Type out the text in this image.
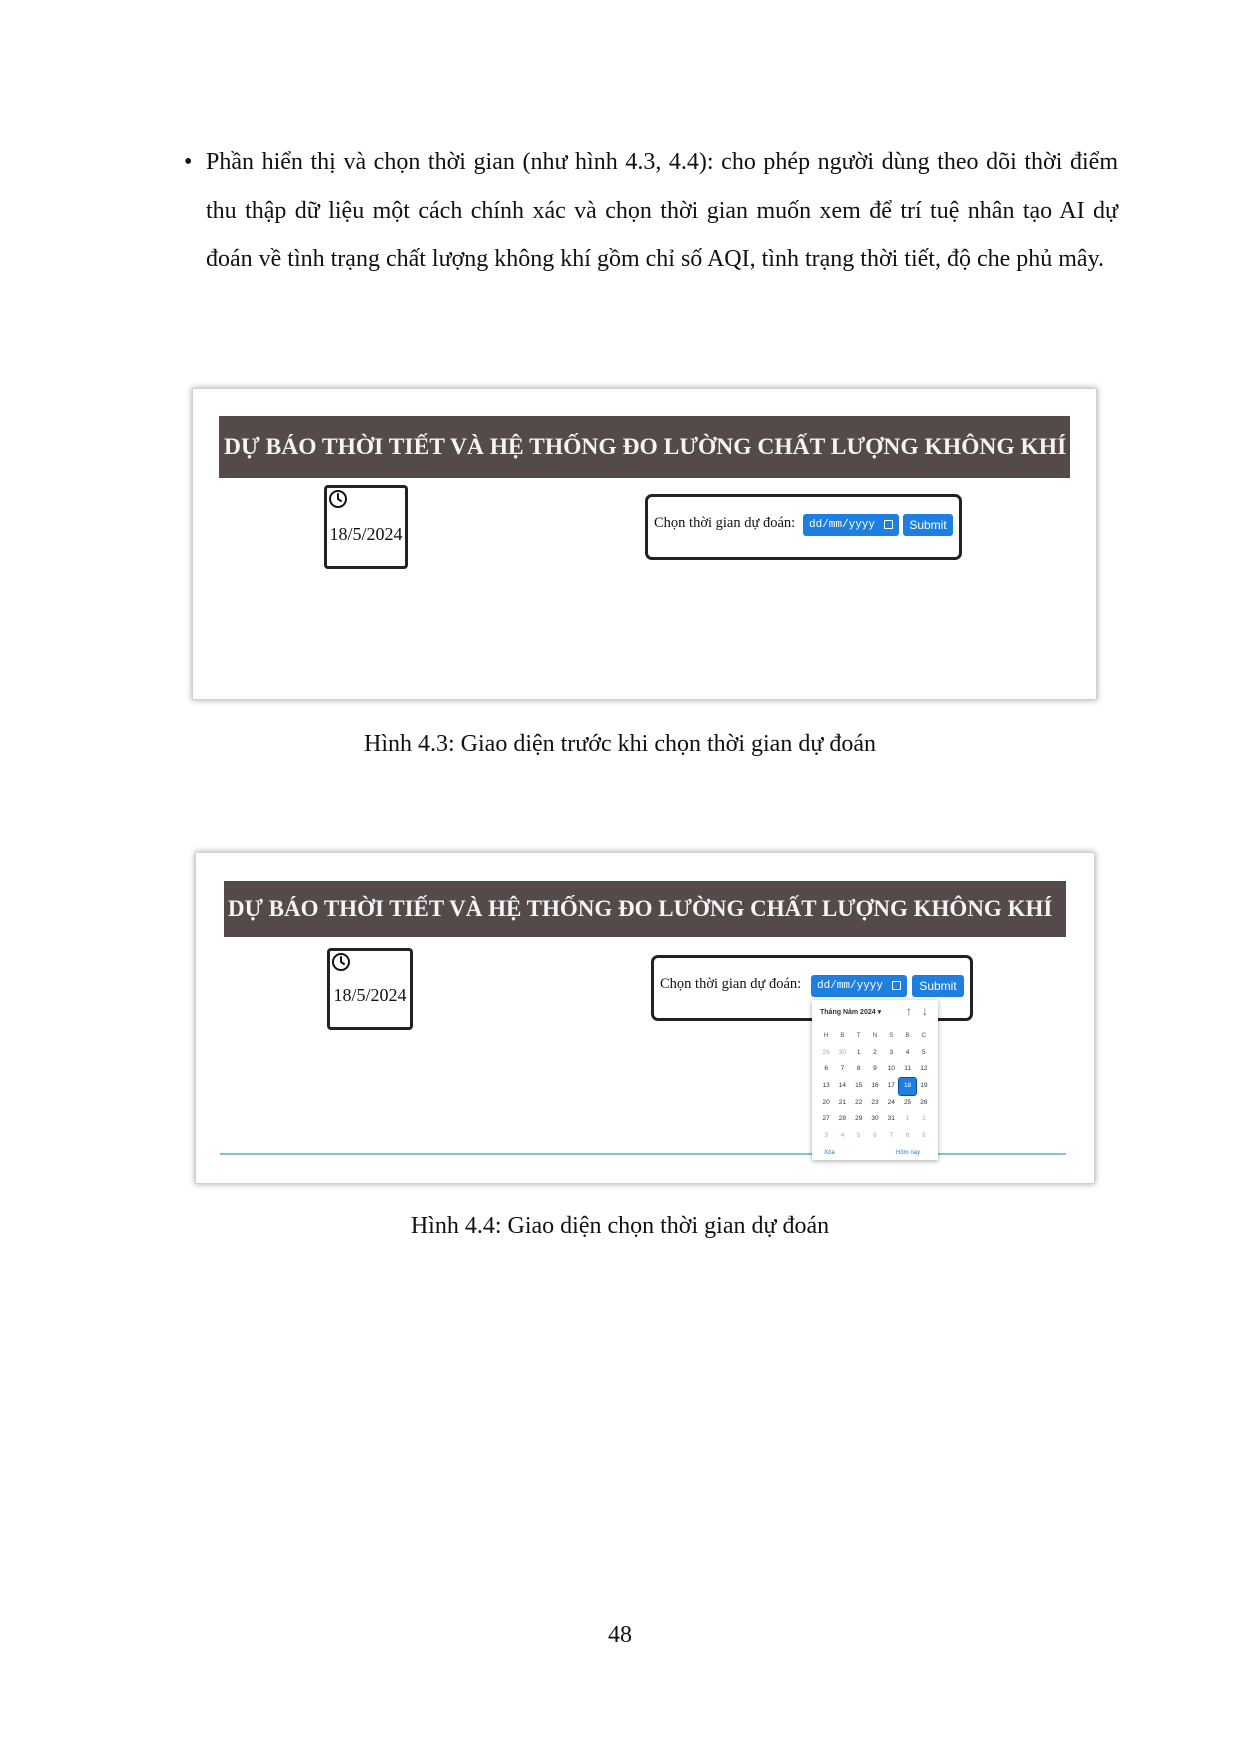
• Phần hiển thị và chọn thời gian (như hình 4.3, 4.4): cho phép người dùng theo dõi thời điểm thu thập dữ liệu một cách chính xác và chọn thời gian muốn xem để trí tuệ nhân tạo AI dự đoán về tình trạng chất lượng không khí gồm chỉ số AQI, tình trạng thời tiết, độ che phủ mây.
DỰ BÁO THỜI TIẾT VÀ HỆ THỐNG ĐO LƯỜNG CHẤT LƯỢNG KHÔNG KHÍ
18/5/2024
Chọn thời gian dự đoán:	dd/mm/yyyy	Submit
Hình 4.3: Giao diện trước khi chọn thời gian dự đoán
DỰ BÁO THỜI TIẾT VÀ HỆ THỐNG ĐO LƯỜNG CHẤT LƯỢNG KHÔNG KHÍ
18/5/2024
Chọn thời gian dự đoán:	dd/mm/yyyy	Submit
Tháng Năm 2024 ▾ ↑ ↓
H	B	T	N	S	B	C
29	30	1	2	3	4	5
6	7	8	9	10	11	12
13	14	15	16	17	18	19
20	21	22	23	24	25	26
27	28	29	30	31	1	2
3	4	5	6	7	8	9
Xóa	Hôm nay
Hình 4.4: Giao diện chọn thời gian dự đoán
48
